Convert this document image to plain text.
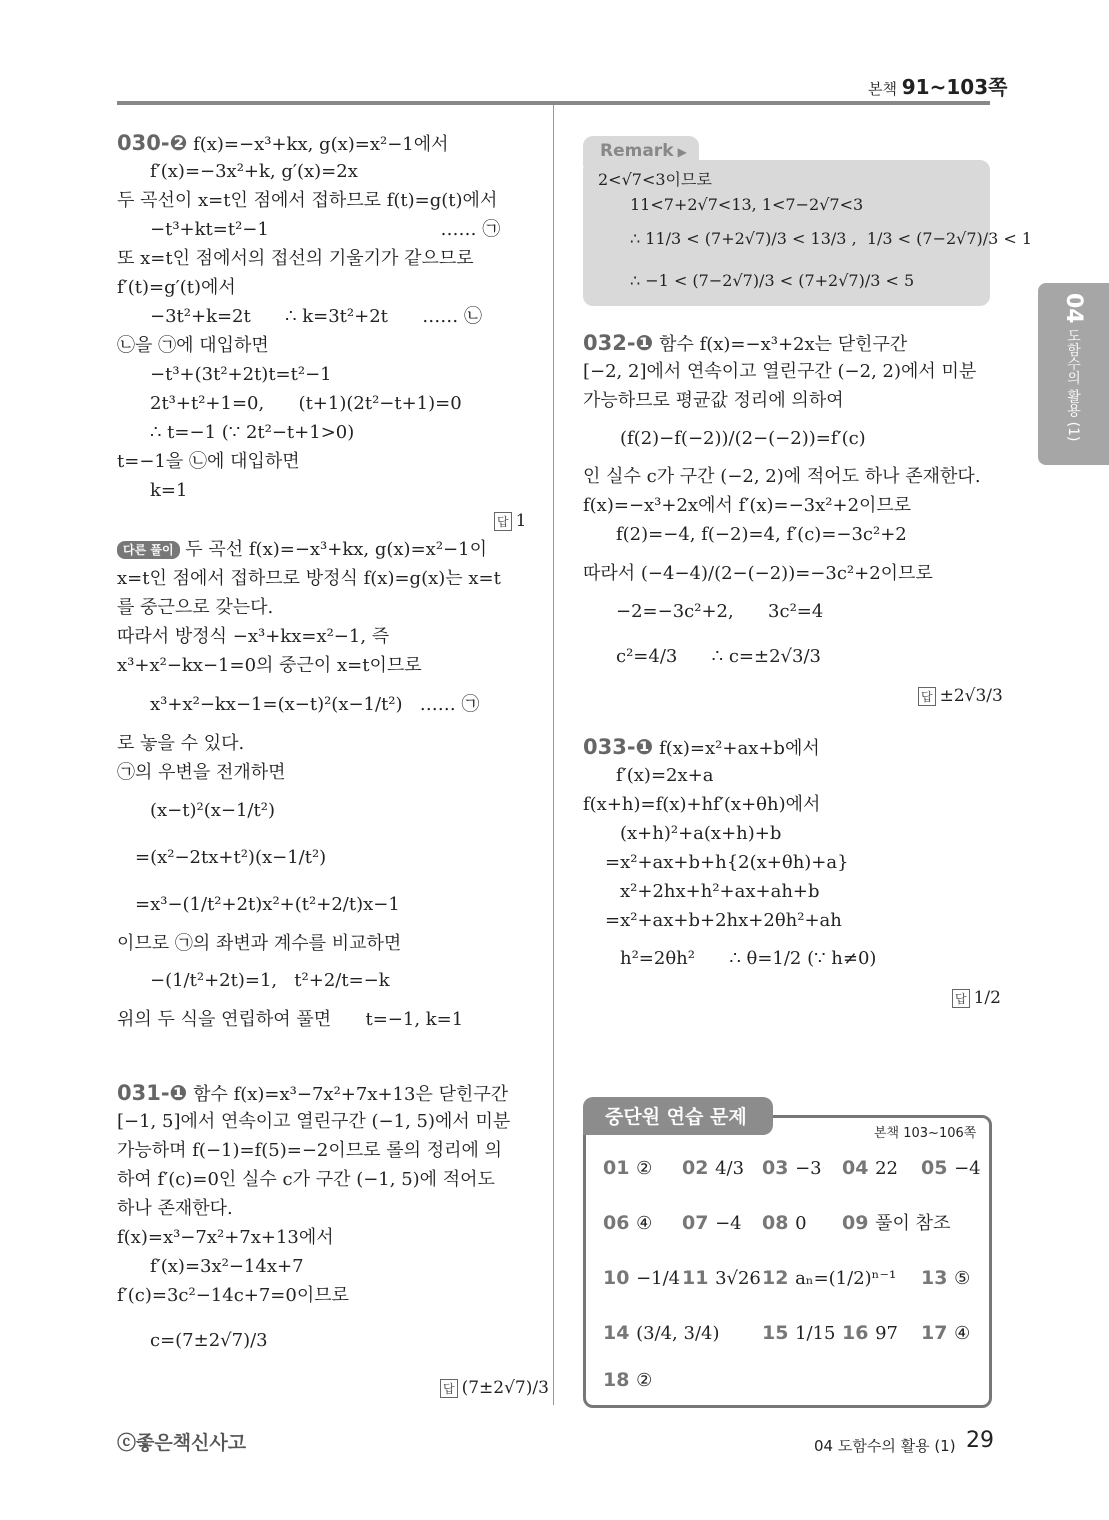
본책 91~103쪽
04 도함수의 활용 (1)
030-❷ f(x)=−x³+kx, g(x)=x²−1에서
f′(x)=−3x²+k, g′(x)=2x
두 곡선이 x=t인 점에서 접하므로 f(t)=g(t)에서
−t³+kt=t²−1                              …… ㉠
또 x=t인 점에서의 접선의 기울기가 같으므로
f′(t)=g′(t)에서
−3t²+k=2t      ∴ k=3t²+2t      …… ㉡
㉡을 ㉠에 대입하면
−t³+(3t²+2t)t=t²−1
2t³+t²+1=0,      (t+1)(2t²−t+1)=0
∴ t=−1 (∵ 2t²−t+1>0)
t=−1을 ㉡에 대입하면
k=1
답 1
다른 풀이 두 곡선 f(x)=−x³+kx, g(x)=x²−1이
x=t인 점에서 접하므로 방정식 f(x)=g(x)는 x=t
를 중근으로 갖는다.
따라서 방정식 −x³+kx=x²−1, 즉
x³+x²−kx−1=0의 중근이 x=t이므로
x³+x²−kx−1=(x−t)²(x−1/t²)   …… ㉠
로 놓을 수 있다.
㉠의 우변을 전개하면
(x−t)²(x−1/t²)
=(x²−2tx+t²)(x−1/t²)
=x³−(1/t²+2t)x²+(t²+2/t)x−1
이므로 ㉠의 좌변과 계수를 비교하면
−(1/t²+2t)=1,   t²+2/t=−k
위의 두 식을 연립하여 풀면      t=−1, k=1
031-❶ 함수 f(x)=x³−7x²+7x+13은 닫힌구간
[−1, 5]에서 연속이고 열린구간 (−1, 5)에서 미분
가능하며 f(−1)=f(5)=−2이므로 롤의 정리에 의
하여 f′(c)=0인 실수 c가 구간 (−1, 5)에 적어도
하나 존재한다.
f(x)=x³−7x²+7x+13에서
f′(x)=3x²−14x+7
f′(c)=3c²−14c+7=0이므로
c=(7±2√7)/3
답 (7±2√7)/3
Remark ▶
2<√7<3이므로
11<7+2√7<13, 1<7−2√7<3
∴ 11/3 < (7+2√7)/3 < 13/3 ,  1/3 < (7−2√7)/3 < 1
∴ −1 < (7−2√7)/3 < (7+2√7)/3 < 5
032-❶ 함수 f(x)=−x³+2x는 닫힌구간
[−2, 2]에서 연속이고 열린구간 (−2, 2)에서 미분
가능하므로 평균값 정리에 의하여
(f(2)−f(−2))/(2−(−2))=f′(c)
인 실수 c가 구간 (−2, 2)에 적어도 하나 존재한다.
f(x)=−x³+2x에서 f′(x)=−3x²+2이므로
f(2)=−4, f(−2)=4, f′(c)=−3c²+2
따라서 (−4−4)/(2−(−2))=−3c²+2이므로
−2=−3c²+2,      3c²=4
c²=4/3      ∴ c=±2√3/3
답 ±2√3/3
033-❶ f(x)=x²+ax+b에서
f′(x)=2x+a
f(x+h)=f(x)+hf′(x+θh)에서
(x+h)²+a(x+h)+b
=x²+ax+b+h{2(x+θh)+a}
x²+2hx+h²+ax+ah+b
=x²+ax+b+2hx+2θh²+ah
h²=2θh²      ∴ θ=1/2 (∵ h≠0)
답 1/2
중단원 연습 문제
본책 103~106쪽
01 ② 02 4/3 03 −3 04 22 05 −4
06 ④ 07 −4 08 0 09 풀이 참조
10 −1/4 11 3√26 12 aₙ=(1/2)ⁿ⁻¹ 13 ⑤
14 (3/4, 3/4) 15 1/15 16 97 17 ④
18 ②
ⓒ좋은책신사고	04 도함수의 활용 (1) 29
